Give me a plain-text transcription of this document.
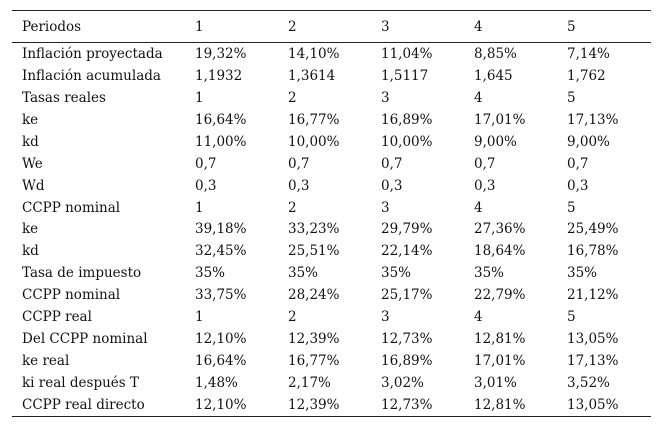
Periodos	1	2	3	4	5
Inflación proyectada	19,32%	14,10%	11,04%	8,85%	7,14%
Inflación acumulada	1,1932	1,3614	1,5117	1,645	1,762
Tasas reales	1	2	3	4	5
ke	16,64%	16,77%	16,89%	17,01%	17,13%
kd	11,00%	10,00%	10,00%	9,00%	9,00%
We	0,7	0,7	0,7	0,7	0,7
Wd	0,3	0,3	0,3	0,3	0,3
CCPP nominal	1	2	3	4	5
ke	39,18%	33,23%	29,79%	27,36%	25,49%
kd	32,45%	25,51%	22,14%	18,64%	16,78%
Tasa de impuesto	35%	35%	35%	35%	35%
CCPP nominal	33,75%	28,24%	25,17%	22,79%	21,12%
CCPP real	1	2	3	4	5
Del CCPP nominal	12,10%	12,39%	12,73%	12,81%	13,05%
ke real	16,64%	16,77%	16,89%	17,01%	17,13%
ki real después T	1,48%	2,17%	3,02%	3,01%	3,52%
CCPP real directo	12,10%	12,39%	12,73%	12,81%	13,05%
